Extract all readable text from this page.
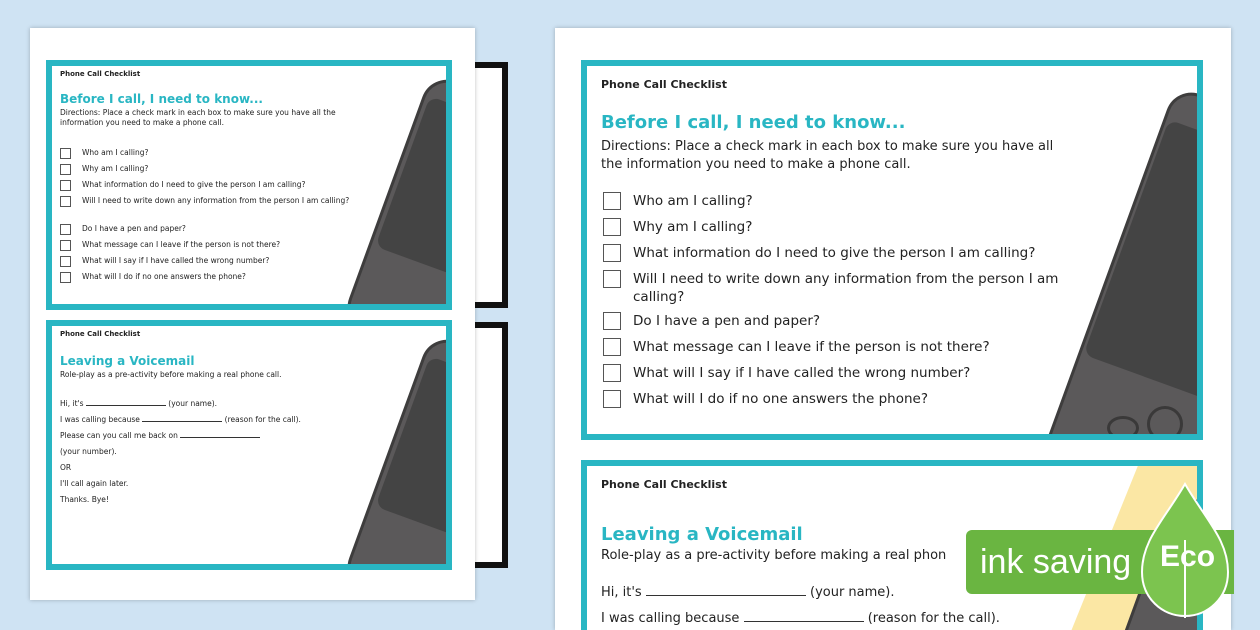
Phone Call Checklist
Before I call, I need to know...
Directions: Place a check mark in each box to make sure you have all the information you need to make a phone call.
Who am I calling?
Why am I calling?
What information do I need to give the person I am calling?
Will I need to write down any information from the person I am calling?
Do I have a pen and paper?
What message can I leave if the person is not there?
What will I say if I have called the wrong number?
What will I do if no one answers the phone?
Phone Call Checklist
Leaving a Voicemail
Role-play as a pre-activity before making a real phone call.
Hi, it's	(your name).
I was calling because	(reason for the call).
Please can you call me back on
(your number).
OR
I'll call again later.
Thanks. Bye!
Phone Call Checklist
Before I call, I need to know...
Directions: Place a check mark in each box to make sure you have all the information you need to make a phone call.
Who am I calling?
Why am I calling?
What information do I need to give the person I am calling?
Will I need to write down any information from the person I am calling?
Do I have a pen and paper?
What message can I leave if the person is not there?
What will I say if I have called the wrong number?
What will I do if no one answers the phone?
Phone Call Checklist
Leaving a Voicemail
Role-play as a pre-activity before making a real phon
Hi, it's	(your name).
I was calling because	(reason for the call).
ink saving Eco
